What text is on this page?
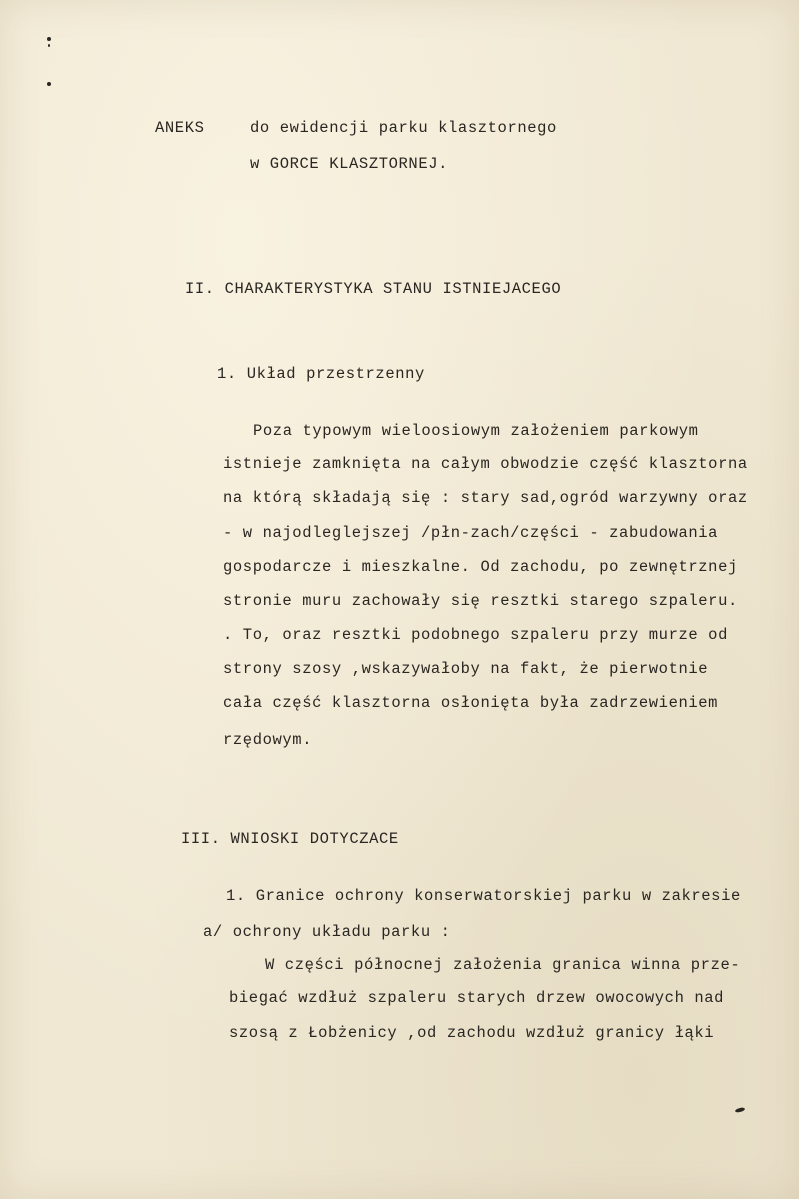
ANEKS	do ewidencji parku klasztornego
w GORCE KLASZTORNEJ.
II. CHARAKTERYSTYKA STANU ISTNIEJACEGO
1. Układ przestrzenny
Poza typowym wieloosiowym założeniem parkowym
istnieje zamknięta na całym obwodzie część klasztorna
na którą składają się : stary sad,ogród warzywny oraz
- w najodleglejszej /płn-zach/części - zabudowania
gospodarcze i mieszkalne. Od zachodu, po zewnętrznej
stronie muru zachowały się resztki starego szpaleru.
. To, oraz resztki podobnego szpaleru przy murze od
strony szosy ,wskazywałoby na fakt, że pierwotnie
cała część klasztorna osłonięta była zadrzewieniem
rzędowym.
III. WNIOSKI DOTYCZACE
1. Granice ochrony konserwatorskiej parku w zakresie
a/ ochrony układu parku :
W części północnej założenia granica winna prze-
biegać wzdłuż szpaleru starych drzew owocowych nad
szosą z Łobżenicy ,od zachodu wzdłuż granicy łąki
